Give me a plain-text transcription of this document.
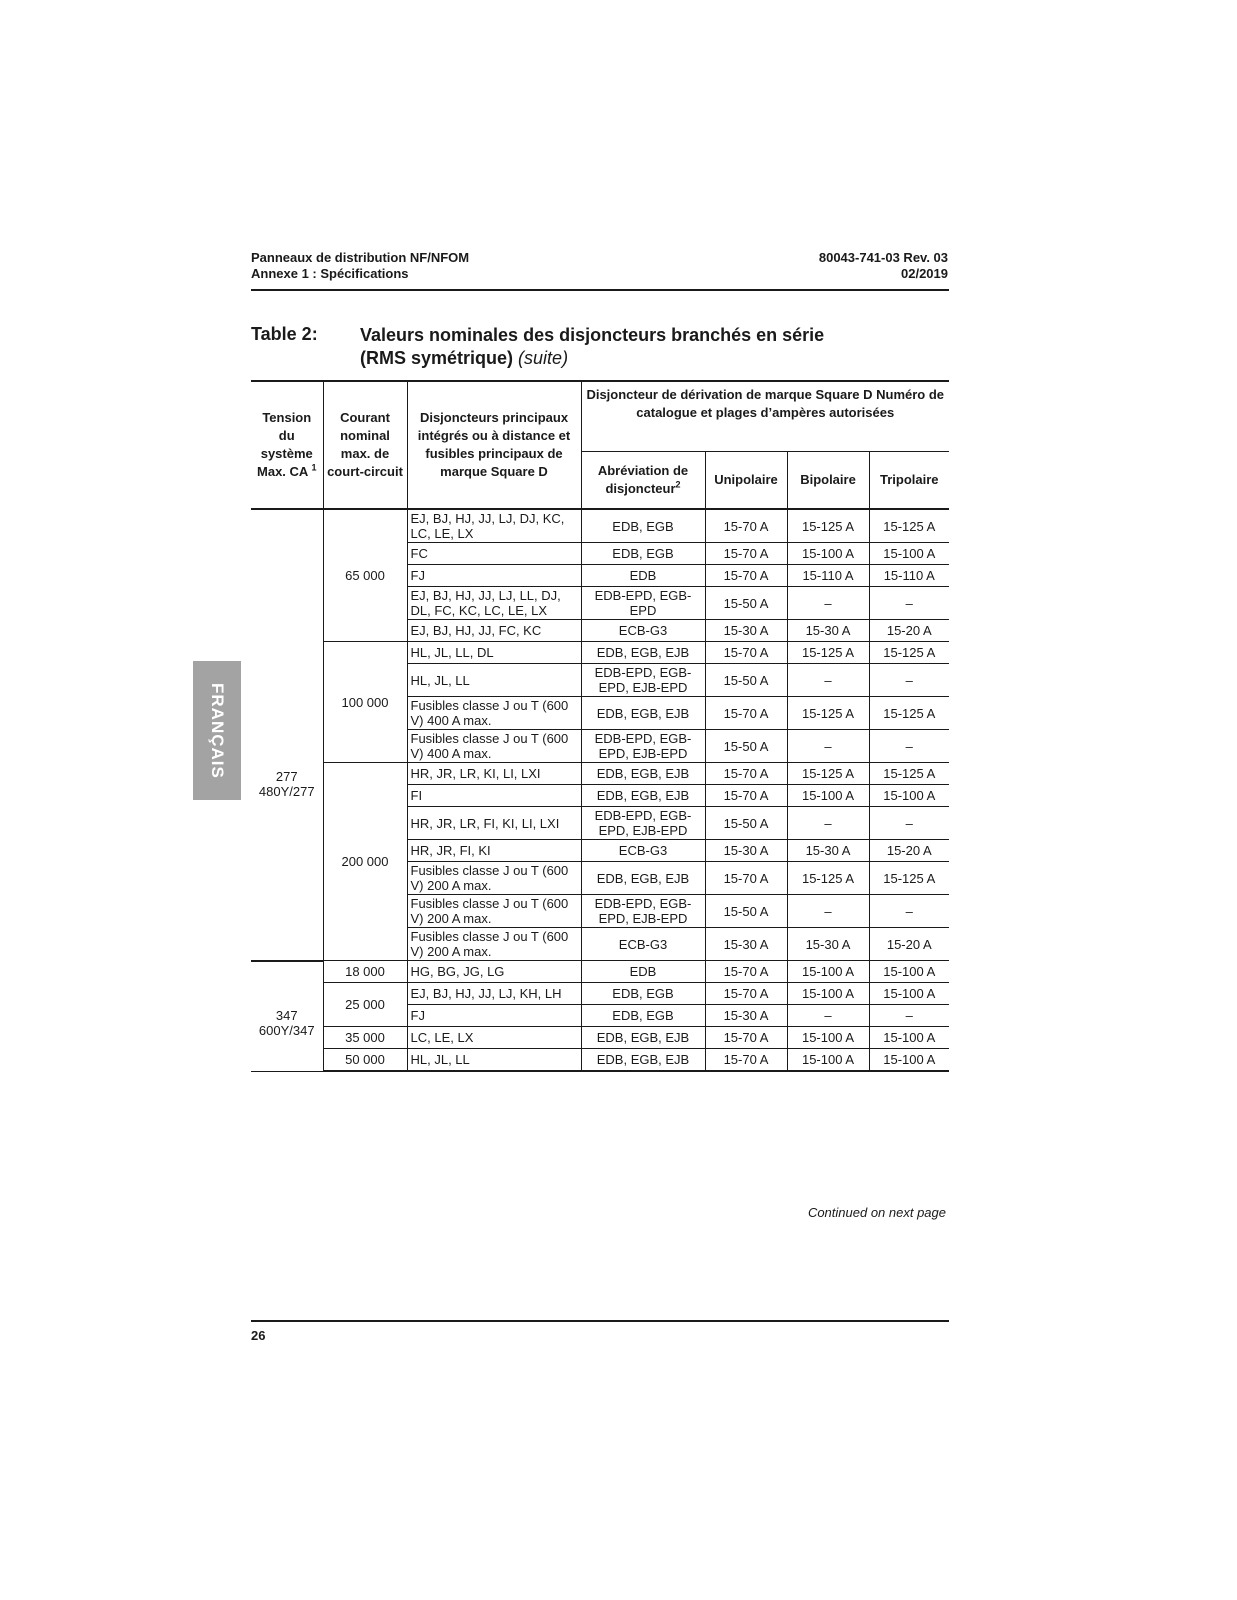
Panneaux de distribution NF/NFOM
Annexe 1 : Spécifications
80043-741-03 Rev. 03
02/2019
Table 2: Valeurs nominales des disjoncteurs branchés en série
(RMS symétrique) (suite)
FRANÇAIS
Tension du système Max. CA $^1$	Courant nominal max. de court-circuit	Disjoncteurs principaux intégrés ou à distance et fusibles principaux de marque Square D	Disjoncteur de dérivation de marque Square D Numéro de catalogue et plages d’ampères autorisées			
			Abréviation de disjoncteur$^2$	Unipolaire	Bipolaire	Tripolaire

277
480Y/277	65 000	EJ, BJ, HJ, JJ, LJ, DJ, KC, LC, LE, LX	EDB, EGB	15-70 A	15-125 A	15-125 A
		FC	EDB, EGB	15-70 A	15-100 A	15-100 A
		FJ	EDB	15-70 A	15-110 A	15-110 A
		EJ, BJ, HJ, JJ, LJ, LL, DJ, DL, FC, KC, LC, LE, LX	EDB-EPD, EGB-EPD	15-50 A	–	–
		EJ, BJ, HJ, JJ, FC, KC	ECB-G3	15-30 A	15-30 A	15-20 A
	100 000	HL, JL, LL, DL	EDB, EGB, EJB	15-70 A	15-125 A	15-125 A
		HL, JL, LL	EDB-EPD, EGB-EPD, EJB-EPD	15-50 A	–	–
		Fusibles classe J ou T (600 V) 400 A max.	EDB, EGB, EJB	15-70 A	15-125 A	15-125 A
		Fusibles classe J ou T (600 V) 400 A max.	EDB-EPD, EGB-EPD, EJB-EPD	15-50 A	–	–
	200 000	HR, JR, LR, KI, LI, LXI	EDB, EGB, EJB	15-70 A	15-125 A	15-125 A
		FI	EDB, EGB, EJB	15-70 A	15-100 A	15-100 A
		HR, JR, LR, FI, KI, LI, LXI	EDB-EPD, EGB-EPD, EJB-EPD	15-50 A	–	–
		HR, JR, FI, KI	ECB-G3	15-30 A	15-30 A	15-20 A
		Fusibles classe J ou T (600 V) 200 A max.	EDB, EGB, EJB	15-70 A	15-125 A	15-125 A
		Fusibles classe J ou T (600 V) 200 A max.	EDB-EPD, EGB-EPD, EJB-EPD	15-50 A	–	–
		Fusibles classe J ou T (600 V) 200 A max.	ECB-G3	15-30 A	15-30 A	15-20 A

347
600Y/347	18 000	HG, BG, JG, LG	EDB	15-70 A	15-100 A	15-100 A
	25 000	EJ, BJ, HJ, JJ, LJ, KH, LH	EDB, EGB	15-70 A	15-100 A	15-100 A
		FJ	EDB, EGB	15-30 A	–	–
	35 000	LC, LE, LX	EDB, EGB, EJB	15-70 A	15-100 A	15-100 A
	50 000	HL, JL, LL	EDB, EGB, EJB	15-70 A	15-100 A	15-100 A
Continued on next page
26
